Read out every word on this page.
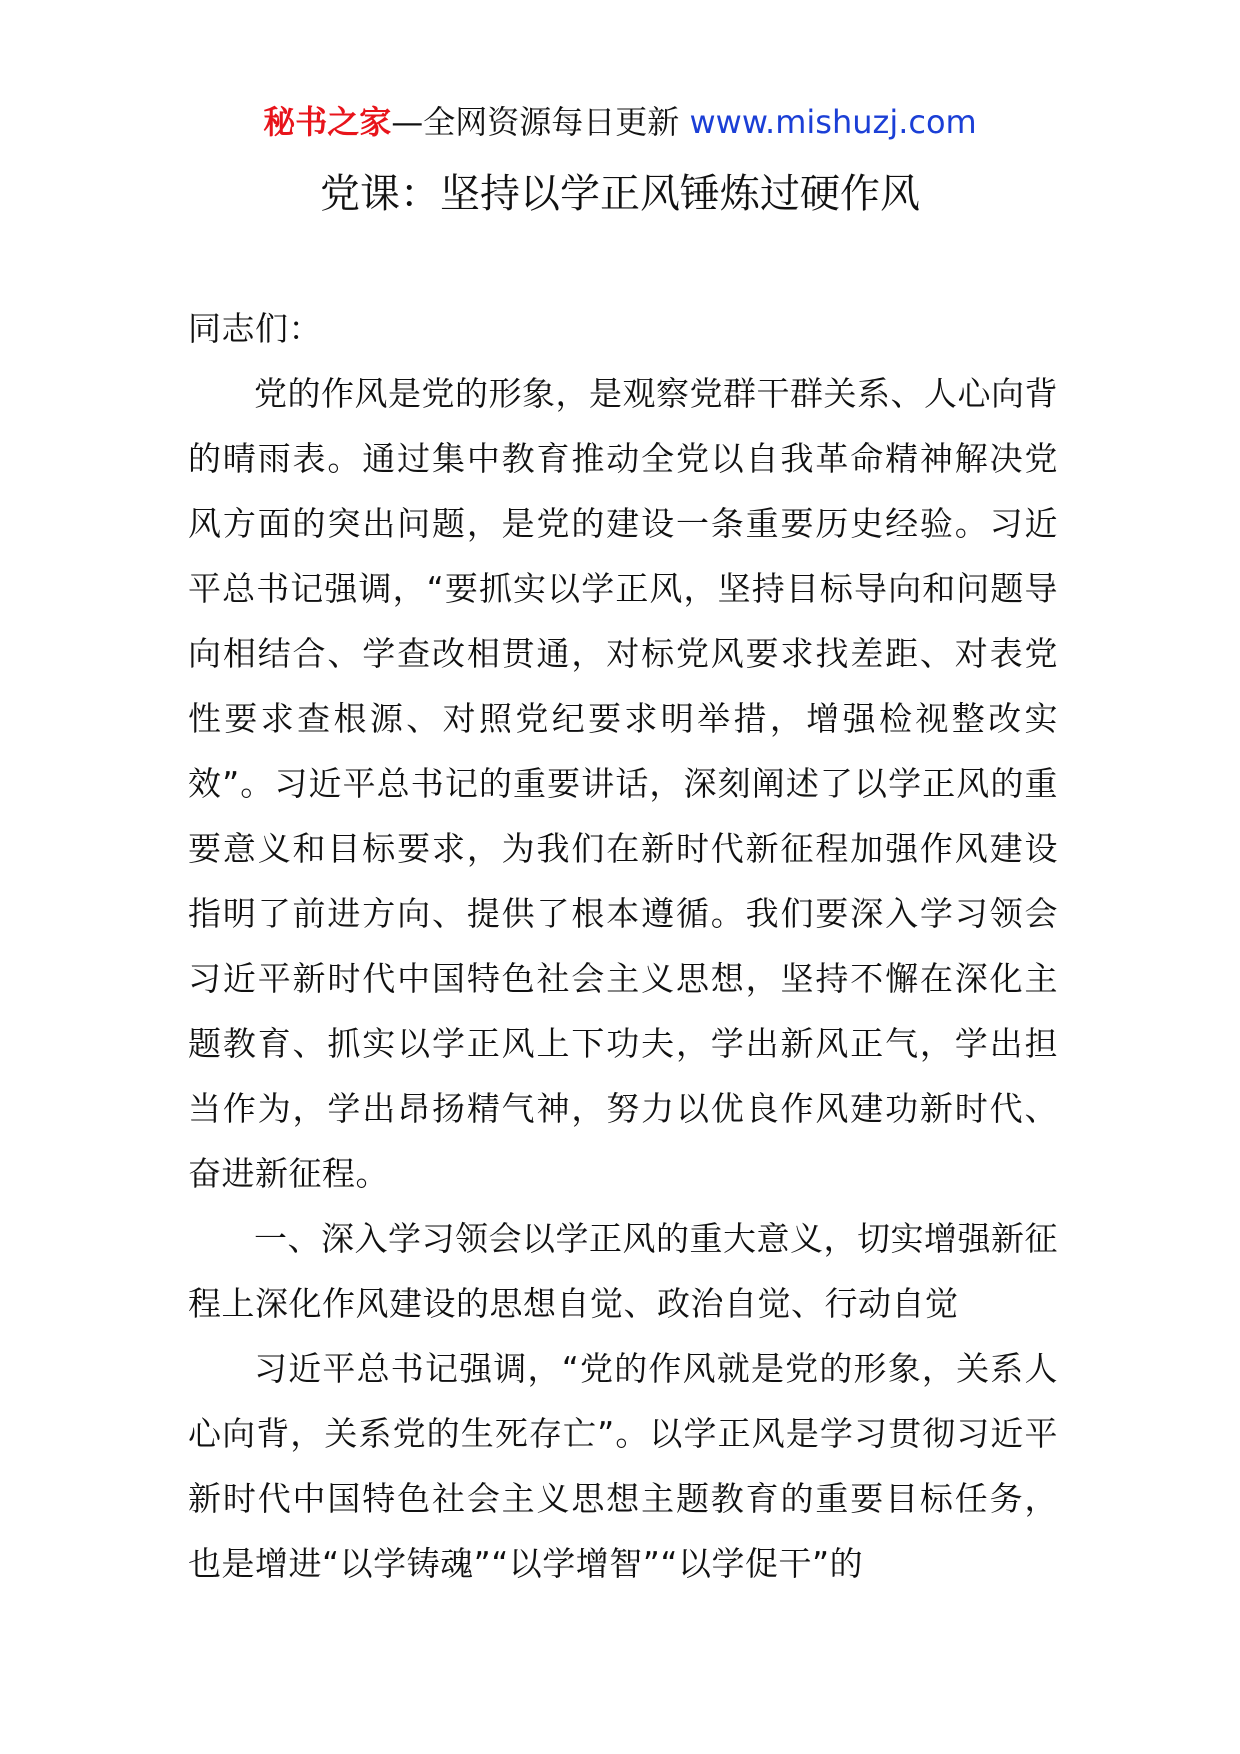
秘书之家—全网资源每日更新 www.mishuzj.com
党课：坚持以学正风锤炼过硬作风

同志们：

党的作风是党的形象，是观察党群干群关系、人心向背的晴雨表。通过集中教育推动全党以自我革命精神解决党风方面的突出问题，是党的建设一条重要历史经验。习近平总书记强调，“要抓实以学正风，坚持目标导向和问题导向相结合、学查改相贯通，对标党风要求找差距、对表党性要求查根源、对照党纪要求明举措，增强检视整改实效”。习近平总书记的重要讲话，深刻阐述了以学正风的重要意义和目标要求，为我们在新时代新征程加强作风建设指明了前进方向、提供了根本遵循。我们要深入学习领会习近平新时代中国特色社会主义思想，坚持不懈在深化主题教育、抓实以学正风上下功夫，学出新风正气，学出担当作为，学出昂扬精气神，努力以优良作风建功新时代、奋进新征程。

一、深入学习领会以学正风的重大意义，切实增强新征程上深化作风建设的思想自觉、政治自觉、行动自觉

习近平总书记强调，“党的作风就是党的形象，关系人心向背，关系党的生死存亡”。以学正风是学习贯彻习近平新时代中国特色社会主义思想主题教育的重要目标任务，也是增进“以学铸魂”“以学增智”“以学促干”的
